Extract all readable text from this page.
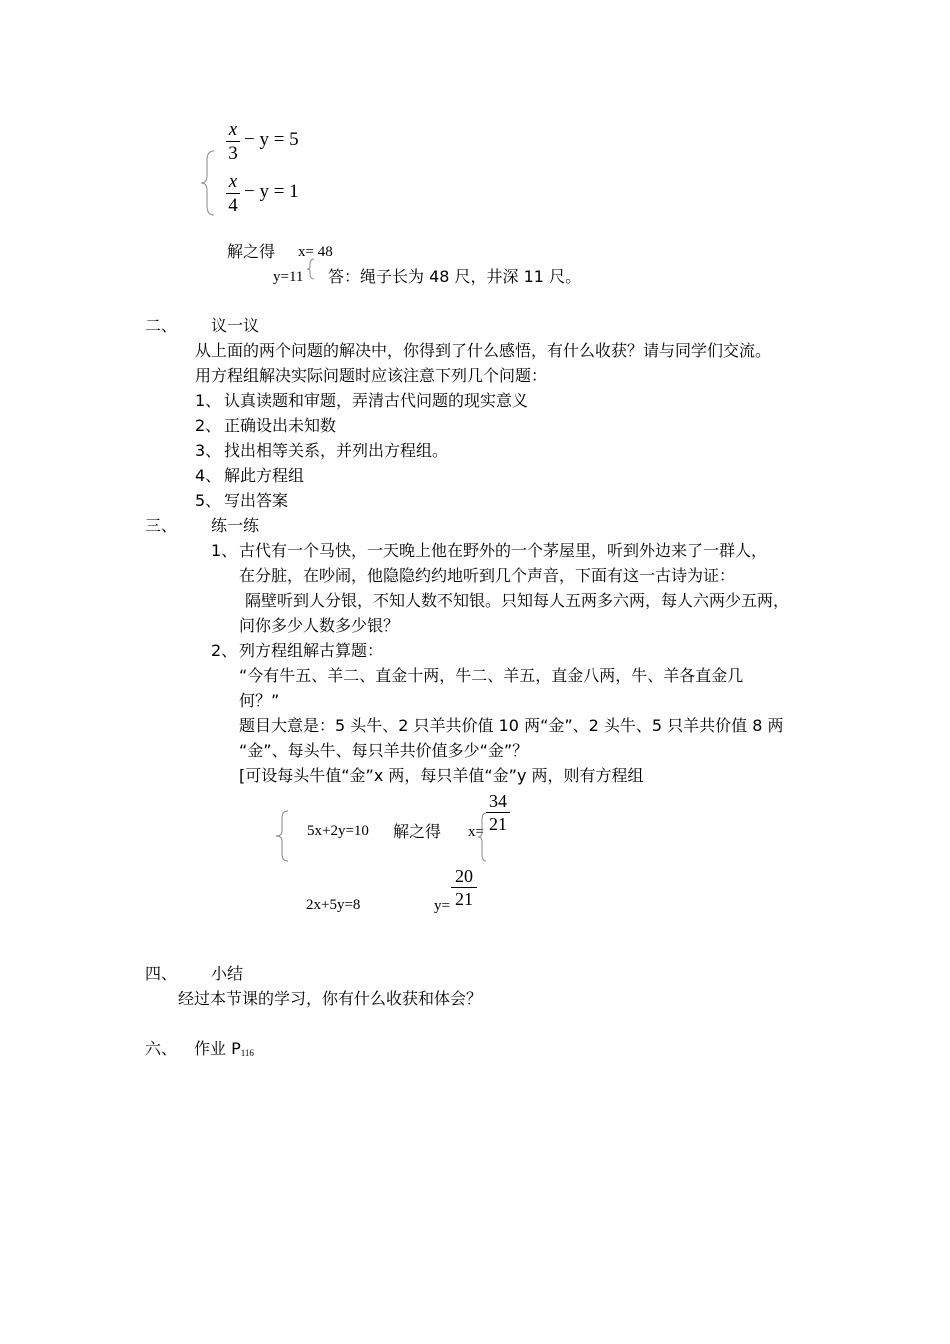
x
3
− y = 5
x
4
− y = 1
解之得 x= 48
y=11 答：绳子长为 48 尺，井深 11 尺。
二、 议一议
从上面的两个问题的解决中，你得到了什么感悟，有什么收获？请与同学们交流。
用方程组解决实际问题时应该注意下列几个问题：
1、 认真读题和审题，弄清古代问题的现实意义
2、 正确设出未知数
3、 找出相等关系，并列出方程组。
4、 解此方程组
5、 写出答案
三、 练一练
1、 古代有一个马快，一天晚上他在野外的一个茅屋里，听到外边来了一群人，
在分脏，在吵闹，他隐隐约约地听到几个声音，下面有这一古诗为证：
隔壁听到人分银，不知人数不知银。只知每人五两多六两，每人六两少五两，
问你多少人数多少银？
2、 列方程组解古算题：
“今有牛五、羊二、直金十两，牛二、羊五，直金八两，牛、羊各直金几
何？”
题目大意是：5 头牛、2 只羊共价值 10 两“金”、2 头牛、5 只羊共价值 8 两
“金”、每头牛、每只羊共价值多少“金”？
[可设每头牛值“金”x 两，每只羊值“金”y 两，则有方程组
5x+2y=10 解之得 x=
34
21
2x+5y=8	y=
20
21
四、 小结
经过本节课的学习，你有什么收获和体会？
六、 作业 $P_{116}$
